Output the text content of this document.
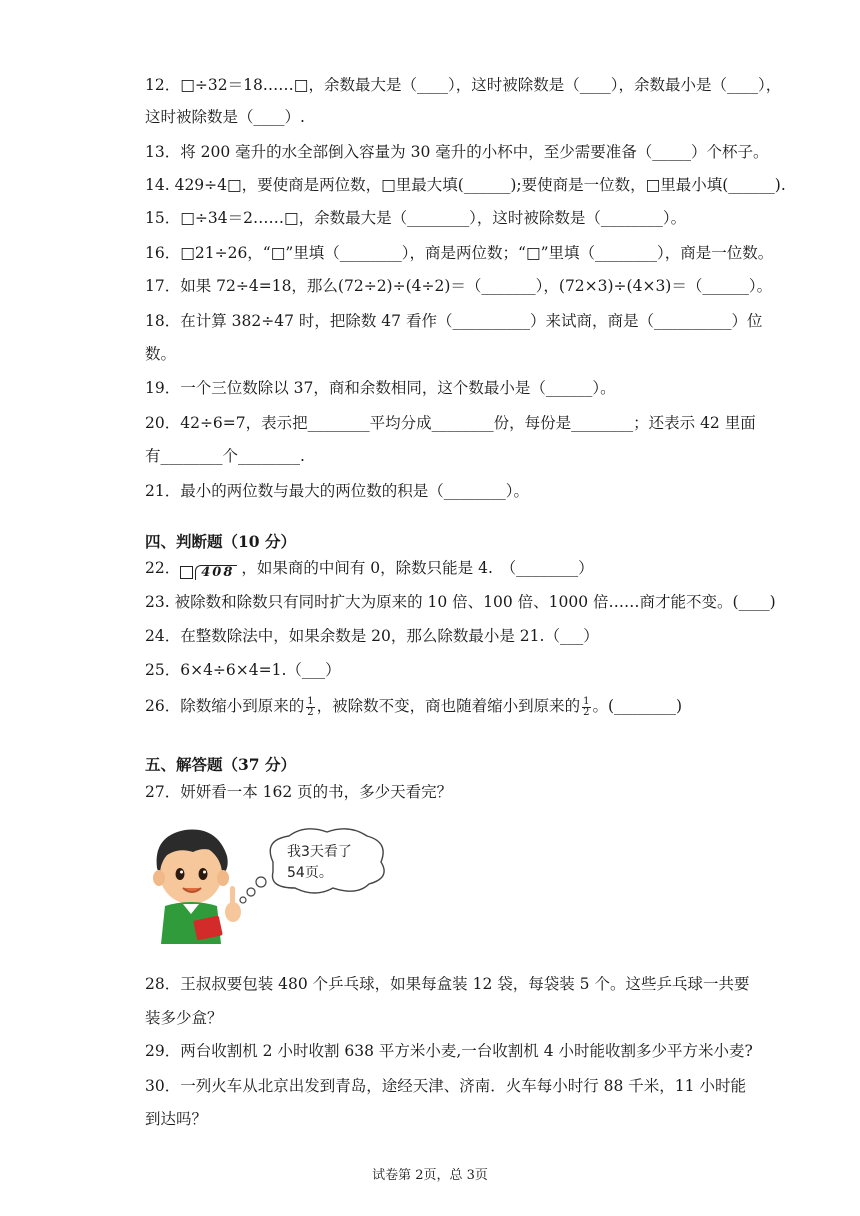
12．□÷32＝18……□，余数最大是（____），这时被除数是（____），余数最小是（____），
这时被除数是（____）.
13．将 200 毫升的水全部倒入容量为 30 毫升的小杯中，至少需要准备（_____）个杯子。
14. 429÷4□，要使商是两位数，□里最大填(______);要使商是一位数，□里最小填(______).
15．□÷34＝2……□，余数最大是（________），这时被除数是（________）。
16．□21÷26，“□”里填（________），商是两位数；“□”里填（________），商是一位数。
17．如果 72÷4=18，那么(72÷2)÷(4÷2)＝（_______），(72×3)÷(4×3)＝（______）。
18．在计算 382÷47 时，把除数 47 看作（__________）来试商，商是（__________）位
数。
19．一个三位数除以 37，商和余数相同，这个数最小是（______）。
20．42÷6=7，表示把________平均分成________份，每份是________；还表示 42 里面
有________个________.
21．最小的两位数与最大的两位数的积是（________）。
四、判断题（10 分）
22． 408 ，如果商的中间有 0，除数只能是 4.　（________）
23. 被除数和除数只有同时扩大为原来的 10 倍、100 倍、1000 倍……商才能不变。(____)
24．在整数除法中，如果余数是 20，那么除数最小是 21.（___）
25．6×4÷6×4=1.（___）
26．除数缩小到原来的 $\frac{1}{2}$ ，被除数不变，商也随着缩小到原来的 $\frac{1}{2}$ 。(________)
五、解答题（37 分）
27．妍妍看一本 162 页的书，多少天看完？
我3天看了
54页。
28．王叔叔要包装 480 个乒乓球，如果每盒装 12 袋，每袋装 5 个。这些乒乓球一共要
装多少盒？
29．两台收割机 2 小时收割 638 平方米小麦,一台收割机 4 小时能收割多少平方米小麦?
30．一列火车从北京出发到青岛，途经天津、济南．火车每小时行 88 千米，11 小时能
到达吗？
试卷第 2页，总 3页
